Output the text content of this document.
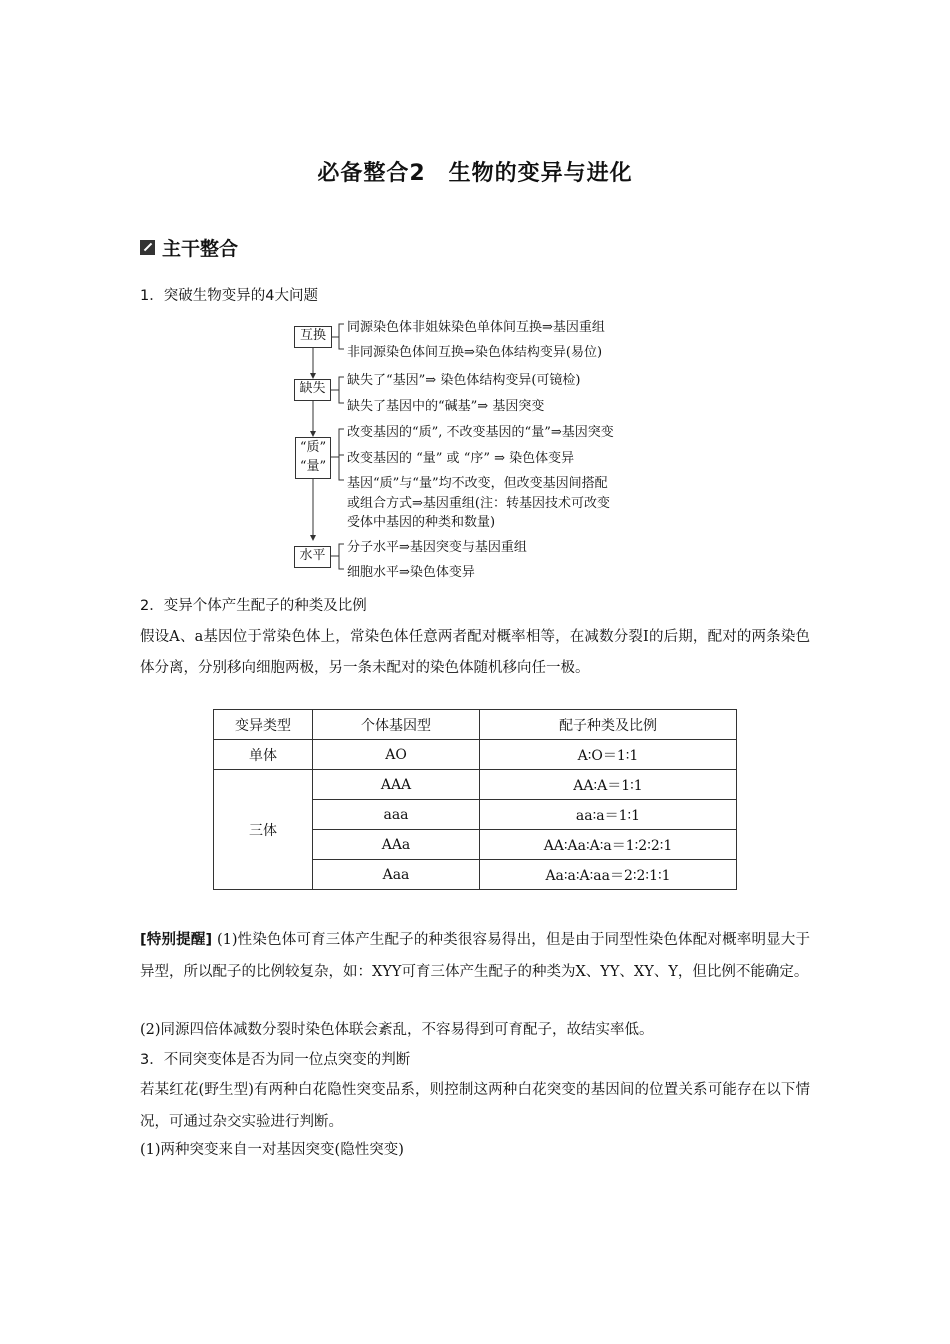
必备整合2　生物的变异与进化
主干整合
1．突破生物变异的4大问题
互换
同源染色体非姐妹染色单体间互换⇒基因重组
非同源染色体间互换⇒染色体结构变异(易位)
缺失
缺失了“基因”⇒ 染色体结构变异(可镜检)
缺失了基因中的“碱基”⇒ 基因突变
“质”
“量”
改变基因的“质”, 不改变基因的“量”⇒基因突变
改变基因的 “量” 或 “序” ⇒ 染色体变异
基因“质”与“量”均不改变，但改变基因间搭配
或组合方式⇒基因重组(注：转基因技术可改变
受体中基因的种类和数量)
水平
分子水平⇒基因突变与基因重组
细胞水平⇒染色体变异
2．变异个体产生配子的种类及比例
假设A、a基因位于常染色体上，常染色体任意两者配对概率相等，在减数分裂Ⅰ的后期，配对的两条染色体分离，分别移向细胞两极，另一条未配对的染色体随机移向任一极。
变异类型	个体基因型	配子种类及比例
单体	AO	A∶O＝1∶1
三体	AAA	AA∶A＝1∶1
	aaa	aa∶a＝1∶1
	AAa	AA∶Aa∶A∶a＝1∶2∶2∶1
	Aaa	Aa∶a∶A∶aa＝2∶2∶1∶1
[特别提醒] (1)性染色体可育三体产生配子的种类很容易得出，但是由于同型性染色体配对概率明显大于异型，所以配子的比例较复杂，如：XYY可育三体产生配子的种类为X、YY、XY、Y，但比例不能确定。
(2)同源四倍体减数分裂时染色体联会紊乱，不容易得到可育配子，故结实率低。
3．不同突变体是否为同一位点突变的判断
若某红花(野生型)有两种白花隐性突变品系，则控制这两种白花突变的基因间的位置关系可能存在以下情况，可通过杂交实验进行判断。
(1)两种突变来自一对基因突变(隐性突变)
